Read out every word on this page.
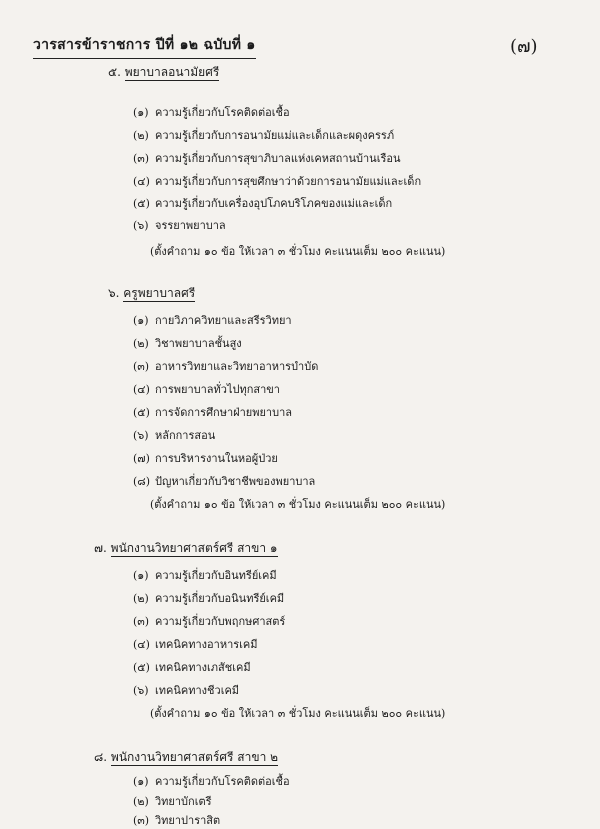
วารสารข้าราชการ ปีที่ ๑๒ ฉบับที่ ๑	(๗)
๕. พยาบาลอนามัยศรี
(๑) ความรู้เกี่ยวกับโรคติดต่อเชื้อ
(๒) ความรู้เกี่ยวกับการอนามัยแม่และเด็กและผดุงครรภ์
(๓) ความรู้เกี่ยวกับการสุขาภิบาลแห่งเคหสถานบ้านเรือน
(๔) ความรู้เกี่ยวกับการสุขศึกษาว่าด้วยการอนามัยแม่และเด็ก
(๕) ความรู้เกี่ยวกับเครื่องอุปโภคบริโภคของแม่และเด็ก
(๖) จรรยาพยาบาล
(ตั้งคำถาม ๑๐ ข้อ ให้เวลา ๓ ชั่วโมง คะแนนเต็ม ๒๐๐ คะแนน)
๖. ครูพยาบาลศรี
(๑) กายวิภาควิทยาและสรีรวิทยา
(๒) วิชาพยาบาลชั้นสูง
(๓) อาหารวิทยาและวิทยาอาหารบำบัด
(๔) การพยาบาลทั่วไปทุกสาขา
(๕) การจัดการศึกษาฝ่ายพยาบาล
(๖) หลักการสอน
(๗) การบริหารงานในหอผู้ป่วย
(๘) ปัญหาเกี่ยวกับวิชาชีพของพยาบาล
(ตั้งคำถาม ๑๐ ข้อ ให้เวลา ๓ ชั่วโมง คะแนนเต็ม ๒๐๐ คะแนน)
๗. พนักงานวิทยาศาสตร์ศรี สาขา ๑
(๑) ความรู้เกี่ยวกับอินทรีย์เคมี
(๒) ความรู้เกี่ยวกับอนินทรีย์เคมี
(๓) ความรู้เกี่ยวกับพฤกษศาสตร์
(๔) เทคนิคทางอาหารเคมี
(๕) เทคนิคทางเภสัชเคมี
(๖) เทคนิคทางชีวเคมี
(ตั้งคำถาม ๑๐ ข้อ ให้เวลา ๓ ชั่วโมง คะแนนเต็ม ๒๐๐ คะแนน)
๘. พนักงานวิทยาศาสตร์ศรี สาขา ๒
(๑) ความรู้เกี่ยวกับโรคติดต่อเชื้อ
(๒) วิทยาบักเตรี
(๓) วิทยาปาราสิต
